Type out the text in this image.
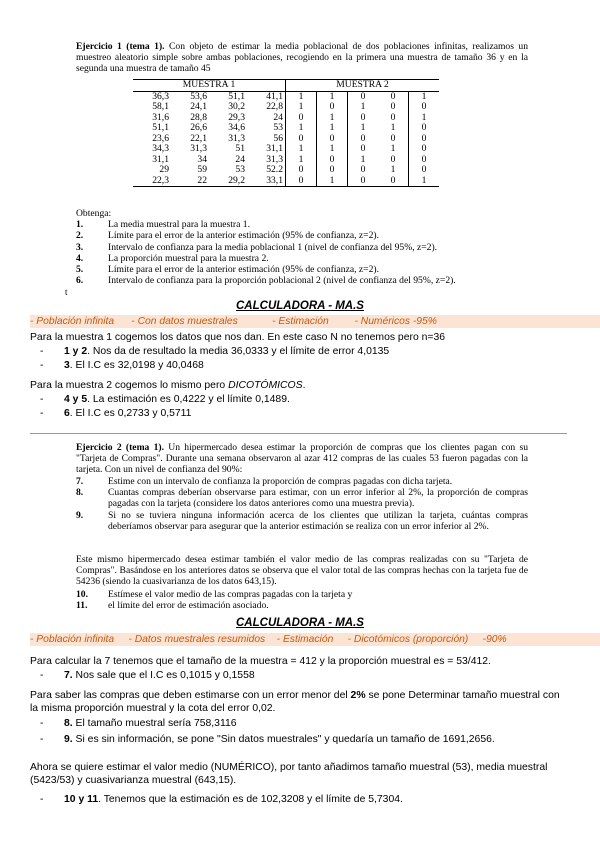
Ejercicio 1 (tema 1). Con objeto de estimar la media poblacional de dos poblaciones infinitas, realizamos un muestreo aleatorio simple sobre ambas poblaciones, recogiendo en la primera una muestra de tamaño 36 y en la segunda una muestra de tamaño 45
MUESTRA 1				MUESTRA 2				
36,3	53,6	51,1	41,1	1	1	0	0	1
58,1	24,1	30,2	22,8	1	0	1	0	0
31,6	28,8	29,3	24	0	1	0	0	1
51,1	26,6	34,6	53	1	1	1	1	0
23,6	22,1	31,3	56	0	0	0	0	0
34,3	31,3	51	31,1	1	1	0	1	0
31,1	34	24	31,3	1	0	1	0	0
29	59	53	52.2	0	0	0	1	0
22,3	22	29,2	33,1	0	1	0	0	1
Obtenga:
1.	La media muestral para la muestra 1.
2.	Límite para el error de la anterior estimación (95% de confianza, z=2).
3.	Intervalo de confianza para la media poblacional 1 (nivel de confianza del 95%, z=2).
4.	La proporción muestral para la muestra 2.
5.	Límite para el error de la anterior estimación (95% de confianza, z=2).
6.	Intervalo de confianza para la proporción poblacional 2 (nivel de confianza del 95%, z=2).
t
CALCULADORA - MA.S
- Población infinita      - Con datos muestrales            - Estimación         - Numéricos -95%
Para la muestra 1 cogemos los datos que nos dan. En este caso N no tenemos pero n=36
- 1 y 2. Nos da de resultado la media 36,0333 y el límite de error 4,0135
- 3. El I.C es 32,0198 y 40,0468
Para la muestra 2 cogemos lo mismo pero DICOTÓMICOS.
- 4 y 5. La estimación es 0,4222 y el límite 0,1489.
- 6. El I.C es 0,2733 y 0,5711
Ejercicio 2 (tema 1). Un hipermercado desea estimar la proporción de compras que los clientes pagan con su "Tarjeta de Compras". Durante una semana observaron al azar 412 compras de las cuales 53 fueron pagadas con la tarjeta. Con un nivel de confianza del 90%:
7.	Estime con un intervalo de confianza la proporción de compras pagadas con dicha tarjeta.
8.	Cuantas compras deberían observarse para estimar, con un error inferior al 2%, la proporción de compras pagadas con la tarjeta (considere los datos anteriores como una muestra previa).
9.	Si no se tuviera ninguna información acerca de los clientes que utilizan la tarjeta, cuántas compras deberíamos observar para asegurar que la anterior estimación se realiza con un error inferior al 2%.
Este mismo hipermercado desea estimar también el valor medio de las compras realizadas con su "Tarjeta de Compras". Basándose en los anteriores datos se observa que el valor total de las compras hechas con la tarjeta fue de 54236 (siendo la cuasivarianza de los datos 643,15).
10.	Estímese el valor medio de las compras pagadas con la tarjeta y
11.	el límite del error de estimación asociado.
CALCULADORA - MA.S
- Población infinita     - Datos muestrales resumidos    - Estimación     - Dicotómicos (proporción)     -90%
Para calcular la 7 tenemos que el tamaño de la muestra = 412 y la proporción muestral es = 53/412.
- 7. Nos sale que el I.C es 0,1015 y 0,1558
Para saber las compras que deben estimarse con un error menor del 2% se pone Determinar tamaño muestral con la misma proporción muestral y la cota del error 0,02.
- 8. El tamaño muestral sería 758,3116
- 9. Si es sin información, se pone "Sin datos muestrales" y quedaría un tamaño de 1691,2656.
Ahora se quiere estimar el valor medio (NUMÉRICO), por tanto añadimos tamaño muestral (53), media muestral (5423/53) y cuasivarianza muestral (643,15).
- 10 y 11. Tenemos que la estimación es de 102,3208 y el límite de 5,7304.
